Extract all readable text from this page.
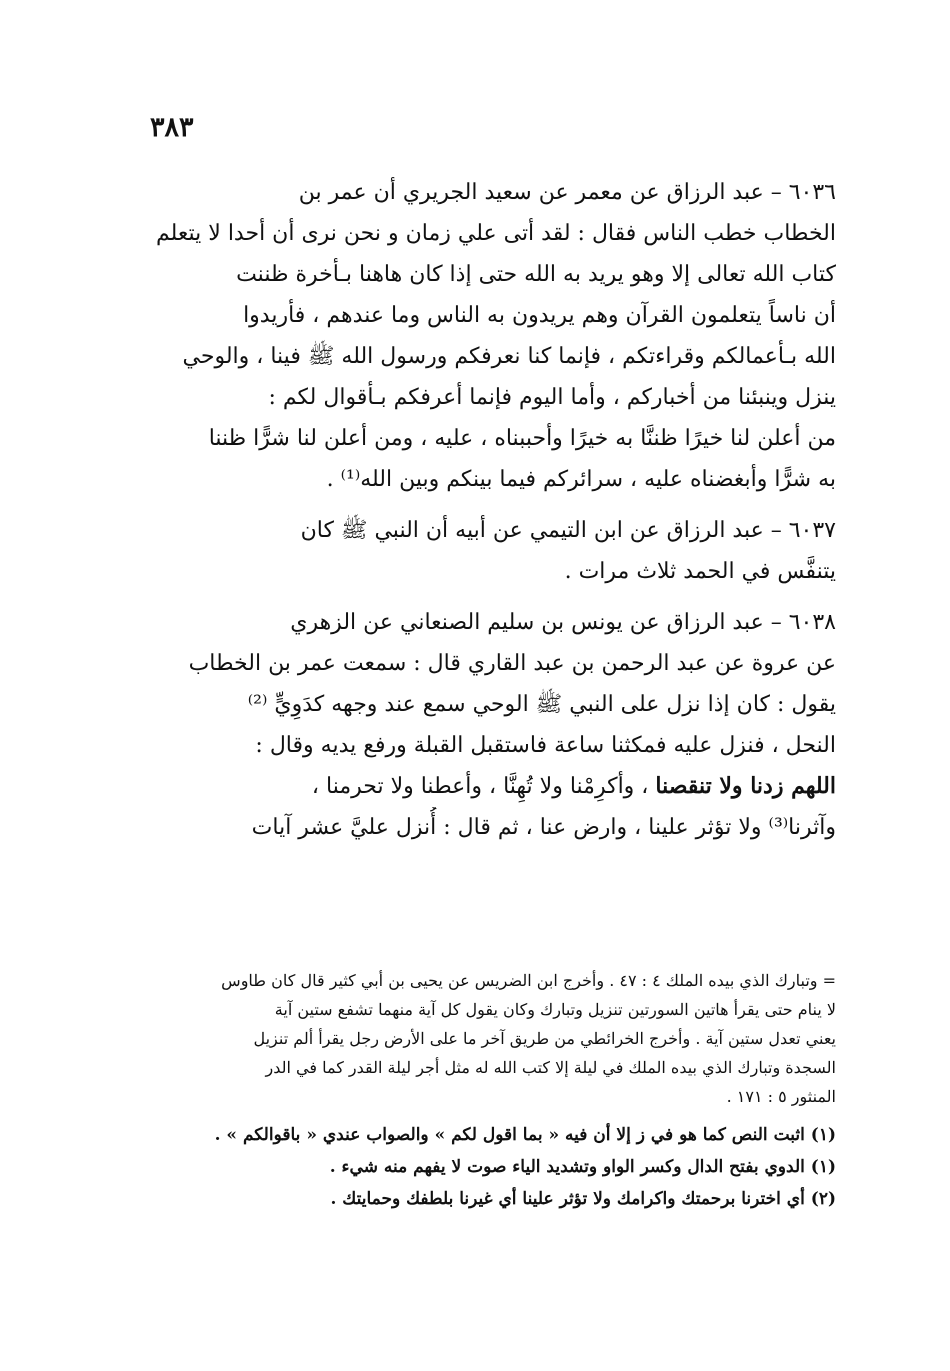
٣٨٣
٦٠٣٦ – عبد الرزاق عن معمر عن سعيد الجريري أن عمر بن
الخطاب خطب الناس فقال : لقد أتى علي زمان و نحن نرى أن أحدا لا يتعلم
كتاب الله تعالى إلا وهو يريد به الله حتى إذا كان هاهنا بـأخرة ظننت
أن ناساً يتعلمون القرآن وهم يريدون به الناس وما عندهم ، فأريدوا
الله بـأعمالكم وقراءتكم ، فإنما كنا نعرفكم ورسول الله ﷺ فينا ، والوحي
ينزل وينبئنا من أخباركم ، وأما اليوم فإنما أعرفكم بـأقوال لكم :
من أعلن لنا خيرًا ظننَّا به خيرًا وأحببناه ، عليه ، ومن أعلن لنا شرًّا ظننا
به شرًّا وأبغضناه عليه ، سرائركم فيما بينكم وبين الله⁽¹⁾ .
٦٠٣٧ – عبد الرزاق عن ابن التيمي عن أبيه أن النبي ﷺ كان
يتنفَّس في الحمد ثلاث مرات .
٦٠٣٨ – عبد الرزاق عن يونس بن سليم الصنعاني عن الزهري
عن عروة عن عبد الرحمن بن عبد القاري قال : سمعت عمر بن الخطاب
يقول : كان إذا نزل على النبي ﷺ الوحي سمع عند وجهه كدَوِيٍّ ⁽²⁾
النحل ، فنزل عليه فمكثنا ساعة فاستقبل القبلة ورفع يديه وقال :
اللهم زدنا ولا تنقصنا ، وأكرِمْنا ولا تُهِنَّا ، وأعطنا ولا تحرمنا ،
وآثرنا⁽³⁾ ولا تؤثر علينا ، وارض عنا ، ثم قال : أُنزل عليَّ عشر آيات
= وتبارك الذي بيده الملك ٤ : ٤٧ . وأخرج ابن الضريس عن يحيى بن أبي كثير قال كان طاوس
لا ينام حتى يقرأ هاتين السورتين تنزيل وتبارك وكان يقول كل آية منهما تشفع ستين آية
يعني تعدل ستين آية . وأخرج الخرائطي من طريق آخر ما على الأرض رجل يقرأ ألم تنزيل
السجدة وتبارك الذي بيده الملك في ليلة إلا كتب الله له مثل أجر ليلة القدر كما في الدر
المنثور ٥ : ١٧١ .
(١) اثبت النص كما هو في ز إلا أن فيه « بما اقول لكم » والصواب عندي « باقوالكم » .
(١) الدوي بفتح الدال وكسر الواو وتشديد الياء صوت لا يفهم منه شيء .
(٢) أي اخترنا برحمتك واكرامك ولا تؤثر علينا أي غيرنا بلطفك وحمايتك .
